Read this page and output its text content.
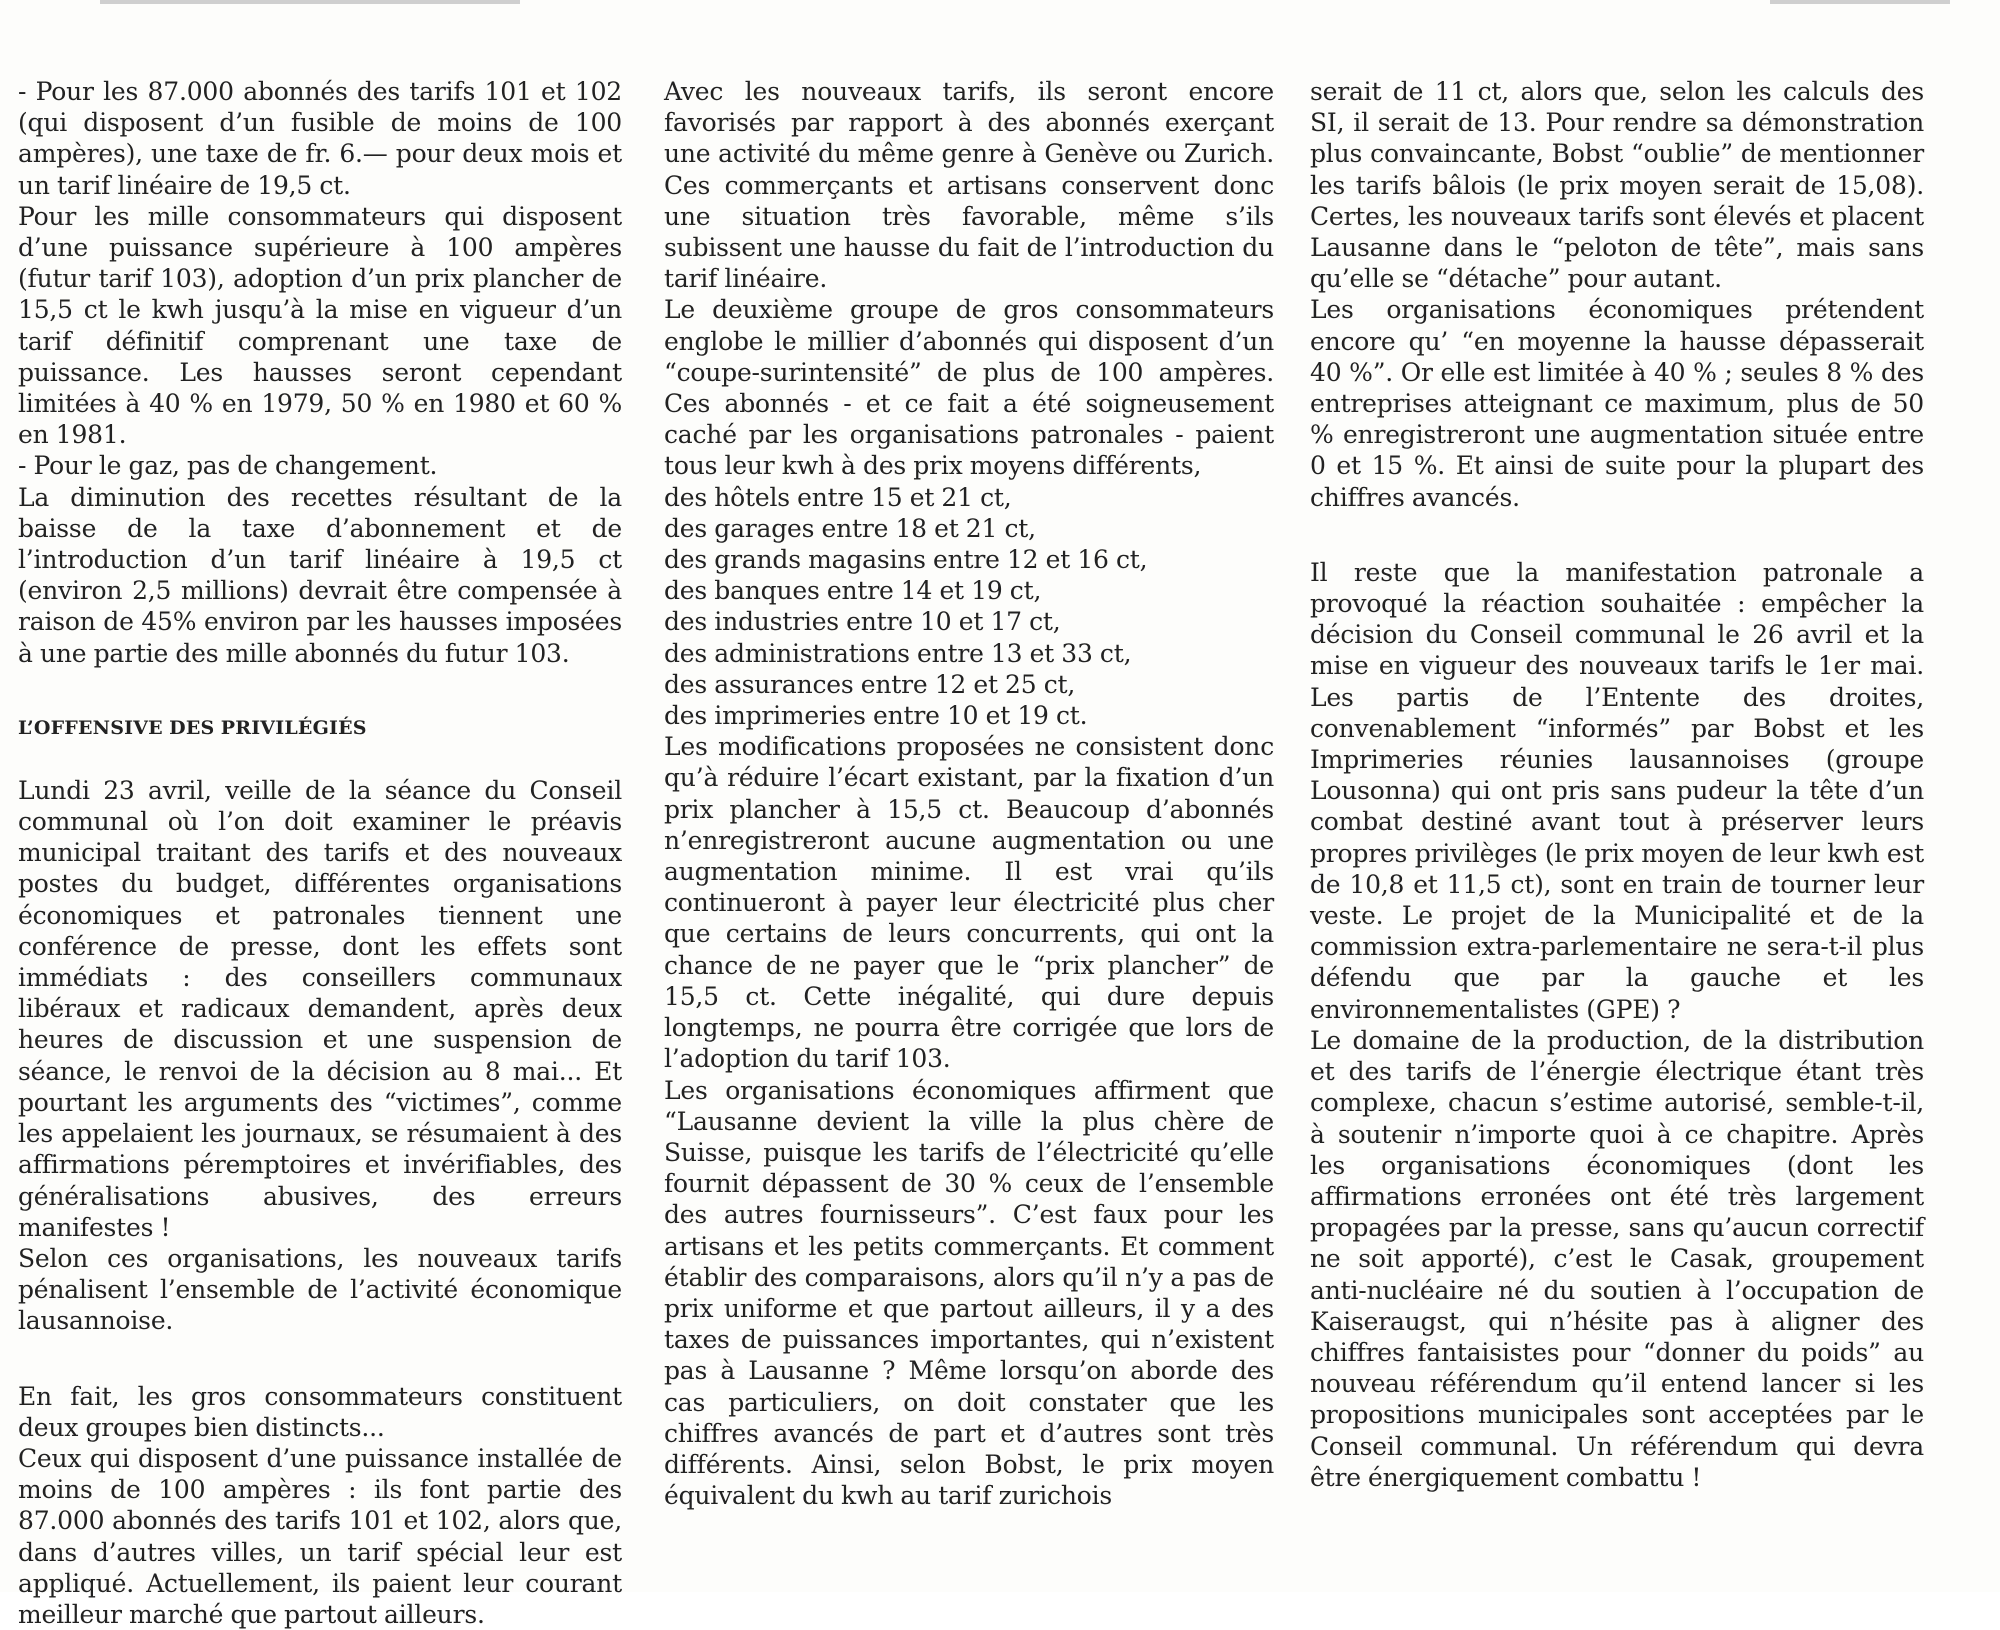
- Pour les 87.000 abonnés des tarifs 101 et 102 (qui disposent d’un fusible de moins de 100 ampères), une taxe de fr. 6.— pour deux mois et un tarif linéaire de 19,5 ct.

Pour les mille consommateurs qui disposent d’une puissance supérieure à 100 ampères (futur tarif 103), adoption d’un prix plancher de 15,5 ct le kwh jusqu’à la mise en vigueur d’un tarif définitif comprenant une taxe de puissance. Les hausses seront cependant limitées à 40 % en 1979, 50 % en 1980 et 60 % en 1981.

- Pour le gaz, pas de changement.

La diminution des recettes résultant de la baisse de la taxe d’abonnement et de l’introduction d’un tarif linéaire à 19,5 ct (environ 2,5 millions) devrait être compensée à raison de 45% environ par les hausses imposées à une partie des mille abonnés du futur 103.

L’OFFENSIVE DES PRIVILÉGIÉS

Lundi 23 avril, veille de la séance du Conseil communal où l’on doit examiner le préavis municipal traitant des tarifs et des nouveaux postes du budget, différentes organisations économiques et patronales tiennent une conférence de presse, dont les effets sont immédiats : des conseillers communaux libéraux et radicaux demandent, après deux heures de discussion et une suspension de séance, le renvoi de la décision au 8 mai... Et pourtant les arguments des “victimes”, comme les appelaient les journaux, se résumaient à des affirmations péremptoires et invérifiables, des généralisations abusives, des erreurs manifestes !

Selon ces organisations, les nouveaux tarifs pénalisent l’ensemble de l’activité économique lausannoise.

En fait, les gros consommateurs constituent deux groupes bien distincts...

Ceux qui disposent d’une puissance installée de moins de 100 ampères : ils font partie des 87.000 abonnés des tarifs 101 et 102, alors que, dans d’autres villes, un tarif spécial leur est appliqué. Actuellement, ils paient leur courant meilleur marché que partout ailleurs.

Avec les nouveaux tarifs, ils seront encore favorisés par rapport à des abonnés exerçant une activité du même genre à Genève ou Zurich. Ces commerçants et artisans conservent donc une situation très favorable, même s’ils subissent une hausse du fait de l’introduction du tarif linéaire.

Le deuxième groupe de gros consommateurs englobe le millier d’abonnés qui disposent d’un “coupe-surintensité” de plus de 100 ampères. Ces abonnés - et ce fait a été soigneusement caché par les organisations patronales - paient tous leur kwh à des prix moyens différents,

des hôtels entre 15 et 21 ct,
des garages entre 18 et 21 ct,
des grands magasins entre 12 et 16 ct,
des banques entre 14 et 19 ct,
des industries entre 10 et 17 ct,
des administrations entre 13 et 33 ct,
des assurances entre 12 et 25 ct,
des imprimeries entre 10 et 19 ct.

Les modifications proposées ne consistent donc qu’à réduire l’écart existant, par la fixation d’un prix plancher à 15,5 ct. Beaucoup d’abonnés n’enregistreront aucune augmentation ou une augmentation minime. Il est vrai qu’ils continueront à payer leur électricité plus cher que certains de leurs concurrents, qui ont la chance de ne payer que le “prix plancher” de 15,5 ct. Cette inégalité, qui dure depuis longtemps, ne pourra être corrigée que lors de l’adoption du tarif 103.

Les organisations économiques affirment que “Lausanne devient la ville la plus chère de Suisse, puisque les tarifs de l’électricité qu’elle fournit dépassent de 30 % ceux de l’ensemble des autres fournisseurs”. C’est faux pour les artisans et les petits commerçants. Et comment établir des comparaisons, alors qu’il n’y a pas de prix uniforme et que partout ailleurs, il y a des taxes de puissances importantes, qui n’existent pas à Lausanne ? Même lorsqu’on aborde des cas particuliers, on doit constater que les chiffres avancés de part et d’autres sont très différents. Ainsi, selon Bobst, le prix moyen équivalent du kwh au tarif zurichois

serait de 11 ct, alors que, selon les calculs des SI, il serait de 13. Pour rendre sa démonstration plus convaincante, Bobst “oublie” de mentionner les tarifs bâlois (le prix moyen serait de 15,08). Certes, les nouveaux tarifs sont élevés et placent Lausanne dans le “peloton de tête”, mais sans qu’elle se “détache” pour autant.

Les organisations économiques prétendent encore qu’ “en moyenne la hausse dépasserait 40 %”. Or elle est limitée à 40 % ; seules 8 % des entreprises atteignant ce maximum, plus de 50 % enregistreront une augmentation située entre 0 et 15 %. Et ainsi de suite pour la plupart des chiffres avancés.

Il reste que la manifestation patronale a provoqué la réaction souhaitée : empêcher la décision du Conseil communal le 26 avril et la mise en vigueur des nouveaux tarifs le 1er mai. Les partis de l’Entente des droites, convenablement “informés” par Bobst et les Imprimeries réunies lausannoises (groupe Lousonna) qui ont pris sans pudeur la tête d’un combat destiné avant tout à préserver leurs propres privilèges (le prix moyen de leur kwh est de 10,8 et 11,5 ct), sont en train de tourner leur veste. Le projet de la Municipalité et de la commission extra-parlementaire ne sera-t-il plus défendu que par la gauche et les environnementalistes (GPE) ?

Le domaine de la production, de la distribution et des tarifs de l’énergie électrique étant très complexe, chacun s’estime autorisé, semble-t-il, à soutenir n’importe quoi à ce chapitre. Après les organisations économiques (dont les affirmations erronées ont été très largement propagées par la presse, sans qu’aucun correctif ne soit apporté), c’est le Casak, groupement anti-nucléaire né du soutien à l’occupation de Kaiseraugst, qui n’hésite pas à aligner des chiffres fantaisistes pour “donner du poids” au nouveau référendum qu’il entend lancer si les propositions municipales sont acceptées par le Conseil communal. Un référendum qui devra être énergiquement combattu !
